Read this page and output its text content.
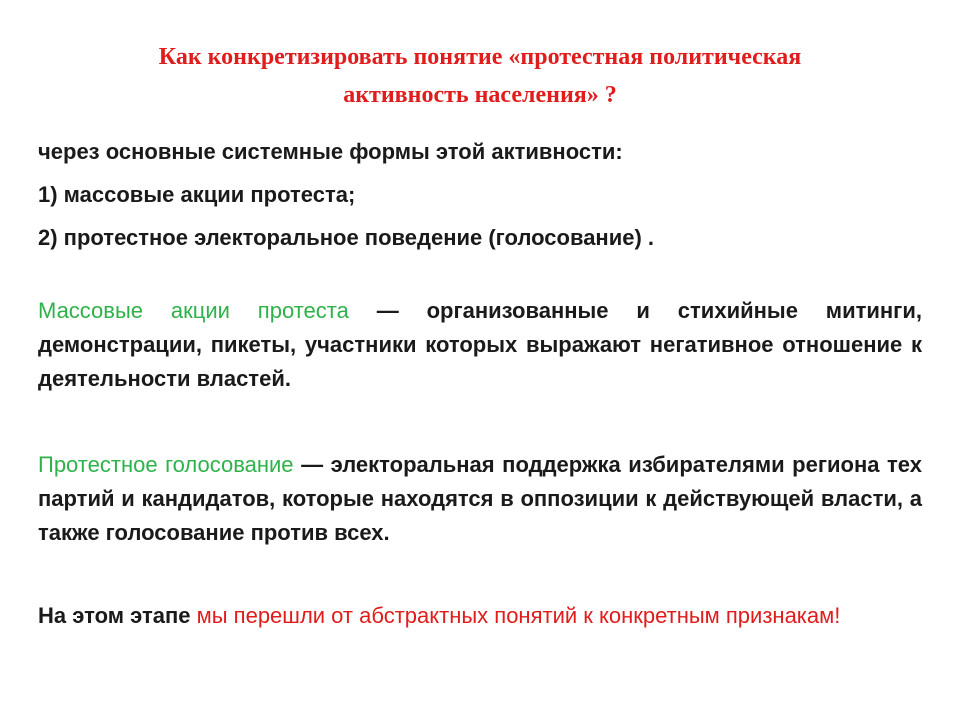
Как конкретизировать понятие «протестная политическая
активность населения» ?

через основные системные формы этой активности:

1) массовые акции протеста;

2) протестное электоральное поведение (голосование) .

Массовые акции протеста — организованные и стихийные митинги, демонстрации, пикеты, участники которых выражают негативное отношение к деятельности властей.

Протестное голосование — электоральная поддержка избирателями региона тех партий и кандидатов, которые находятся в оппозиции к действующей власти, а также голосование против всех.

На этом этапе мы перешли от абстрактных понятий к конкретным признакам!
